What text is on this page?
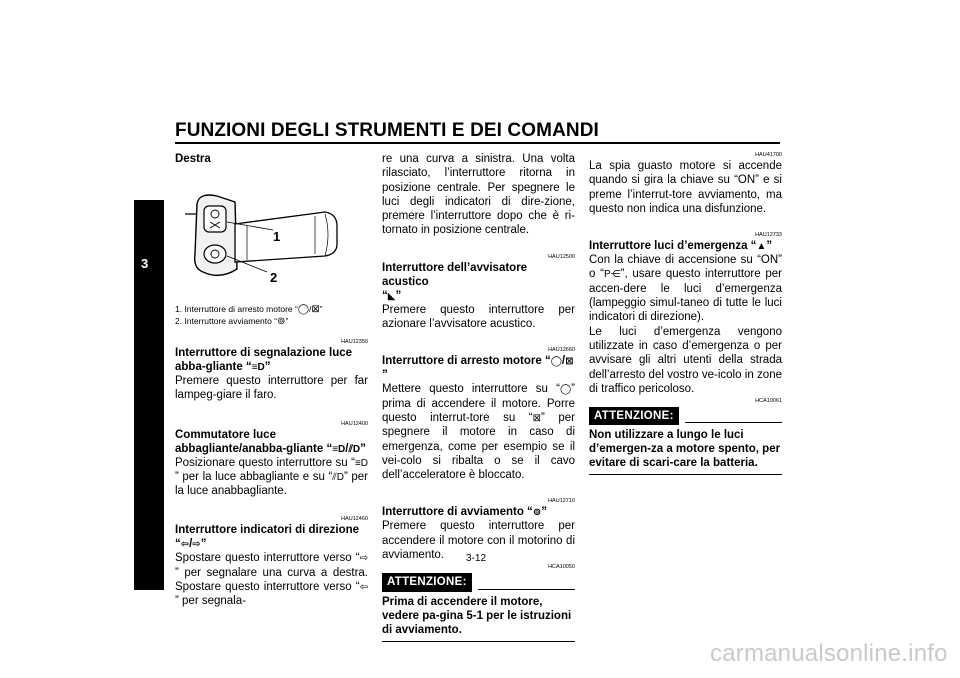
FUNZIONI DEGLI STRUMENTI E DEI COMANDI
3
Destra
1
2
1. Interruttore di arresto motore “◯/⊠”
2. Interruttore avviamento “⊚”
HAU12350
Interruttore di segnalazione luce abba-gliante “≡D”
Premere questo interruttore per far lampeg-giare il faro.
HAU12400
Commutatore luce abbagliante/anabba-gliante “≡D/⫽D”
Posizionare questo interruttore su “≡D” per la luce abbagliante e su “⫽D” per la luce anabbagliante.
HAU12460
Interruttore indicatori di direzione
“⇦/⇨”
Spostare questo interruttore verso “⇨” per segnalare una curva a destra. Spostare questo interruttore verso “⇦” per segnala-
re una curva a sinistra. Una volta rilasciato, l’interruttore ritorna in posizione centrale. Per spegnere le luci degli indicatori di dire-zione, premere l’interruttore dopo che è ri-tornato in posizione centrale.
HAU12500
Interruttore dell’avvisatore acustico
“◣”
Premere questo interruttore per azionare l’avvisatore acustico.
HAU12660
Interruttore di arresto motore “◯/⊠”
Mettere questo interruttore su “◯” prima di accendere il motore. Porre questo interrut-tore su “⊠” per spegnere il motore in caso di emergenza, come per esempio se il vei-colo si ribalta o se il cavo dell’acceleratore è bloccato.
HAU12710
Interruttore di avviamento “⊚”
Premere questo interruttore per accendere il motore con il motorino di avviamento.
HCA10050
ATTENZIONE:
Prima di accendere il motore, vedere pa-gina 5-1 per le istruzioni di avviamento.
HAU41700
La spia guasto motore si accende quando si gira la chiave su “ON” e si preme l’interrut-tore avviamento, ma questo non indica una disfunzione.
HAU12733
Interruttore luci d’emergenza “▲”
Con la chiave di accensione su “ON” o “P⋲”, usare questo interruttore per accen-dere le luci d’emergenza (lampeggio simul-taneo di tutte le luci indicatori di direzione).
Le luci d’emergenza vengono utilizzate in caso d’emergenza o per avvisare gli altri utenti della strada dell’arresto del vostro ve-icolo in zone di traffico pericoloso.
HCA10061
ATTENZIONE:
Non utilizzare a lungo le luci d’emergen-za a motore spento, per evitare di scari-care la batteria.
3-12
carmanualsonline.info
